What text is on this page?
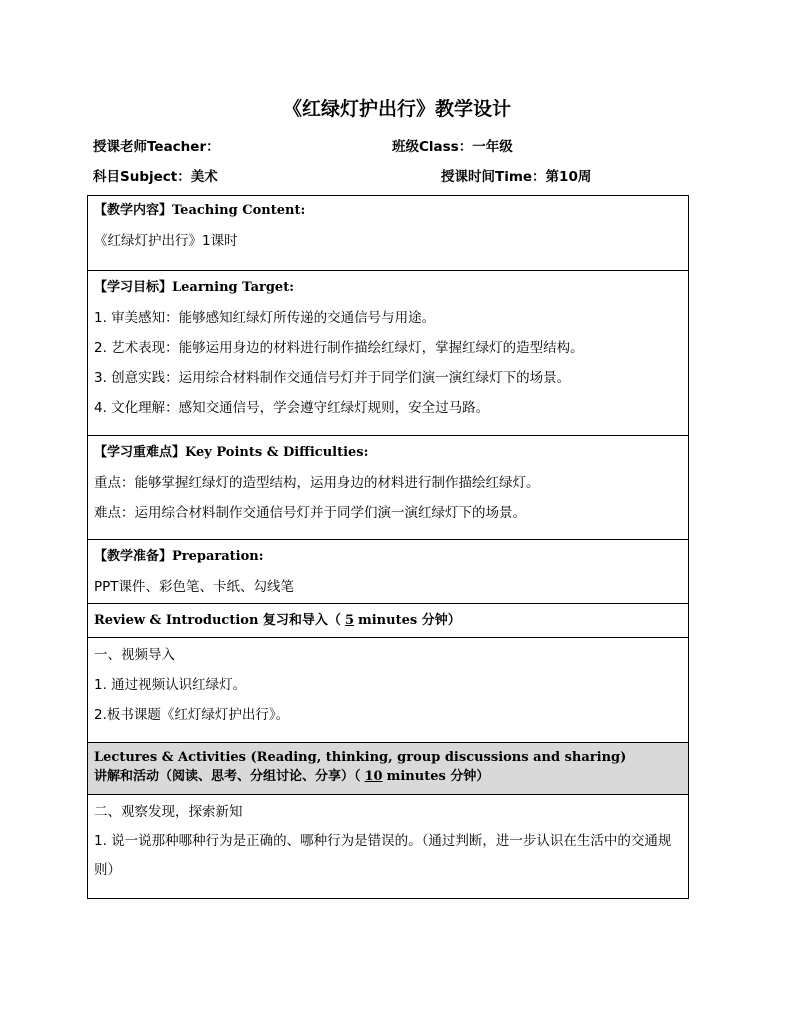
《红绿灯护出行》教学设计
授课老师Teacher：	班级Class：一年级
科目Subject：美术	授课时间Time：第10周
【教学内容】Teaching Content:
《红绿灯护出行》1课时
【学习目标】Learning Target:
1. 审美感知：能够感知红绿灯所传递的交通信号与用途。
2. 艺术表现：能够运用身边的材料进行制作描绘红绿灯，掌握红绿灯的造型结构。
3. 创意实践：运用综合材料制作交通信号灯并于同学们演一演红绿灯下的场景。
4. 文化理解：感知交通信号，学会遵守红绿灯规则，安全过马路。
【学习重难点】Key Points & Difficulties:
重点：能够掌握红绿灯的造型结构，运用身边的材料进行制作描绘红绿灯。
难点：运用综合材料制作交通信号灯并于同学们演一演红绿灯下的场景。
【教学准备】Preparation:
PPT课件、彩色笔、卡纸、勾线笔
Review & Introduction 复习和导入（ 5 minutes 分钟）
一、视频导入
1. 通过视频认识红绿灯。
2.板书课题《红灯绿灯护出行》。
Lectures & Activities (Reading, thinking, group discussions and sharing)
讲解和活动（阅读、思考、分组讨论、分享）（ 10 minutes 分钟）
二、观察发现，探索新知
1. 说一说那种哪种行为是正确的、哪种行为是错误的。（通过判断，进一步认识在生活中的交通规则）
